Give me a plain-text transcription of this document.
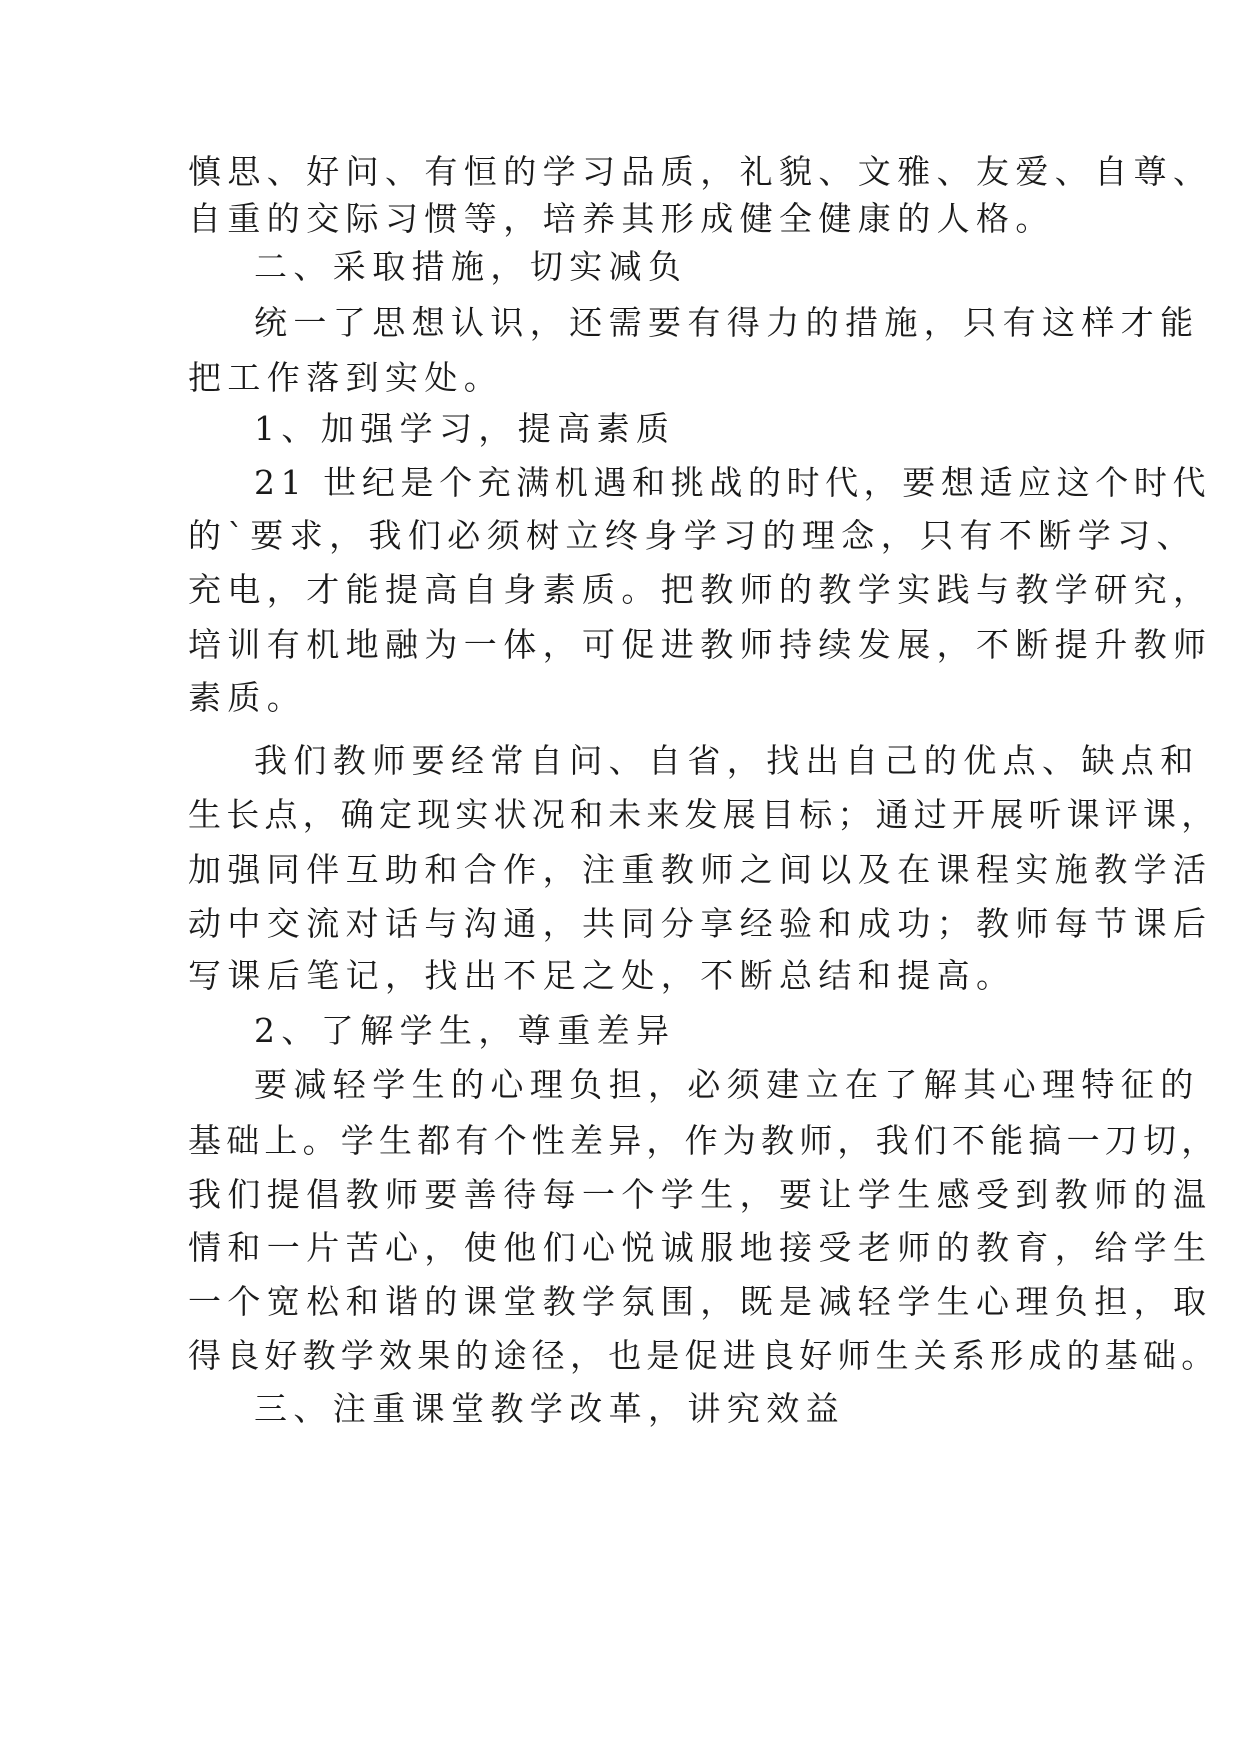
慎思、好问、有恒的学习品质，礼貌、文雅、友爱、自尊、
自重的交际习惯等，培养其形成健全健康的人格。
二、采取措施，切实减负
统一了思想认识，还需要有得力的措施，只有这样才能
把工作落到实处。
1、加强学习，提高素质
21 世纪是个充满机遇和挑战的时代，要想适应这个时代
的`要求，我们必须树立终身学习的理念，只有不断学习、
充电，才能提高自身素质。把教师的教学实践与教学研究，
培训有机地融为一体，可促进教师持续发展，不断提升教师
素质。
我们教师要经常自问、自省，找出自己的优点、缺点和
生长点，确定现实状况和未来发展目标；通过开展听课评课，
加强同伴互助和合作，注重教师之间以及在课程实施教学活
动中交流对话与沟通，共同分享经验和成功；教师每节课后
写课后笔记，找出不足之处，不断总结和提高。
2、了解学生，尊重差异
要减轻学生的心理负担，必须建立在了解其心理特征的
基础上。学生都有个性差异，作为教师，我们不能搞一刀切，
我们提倡教师要善待每一个学生，要让学生感受到教师的温
情和一片苦心，使他们心悦诚服地接受老师的教育，给学生
一个宽松和谐的课堂教学氛围，既是减轻学生心理负担，取
得良好教学效果的途径，也是促进良好师生关系形成的基础。
三、注重课堂教学改革，讲究效益
